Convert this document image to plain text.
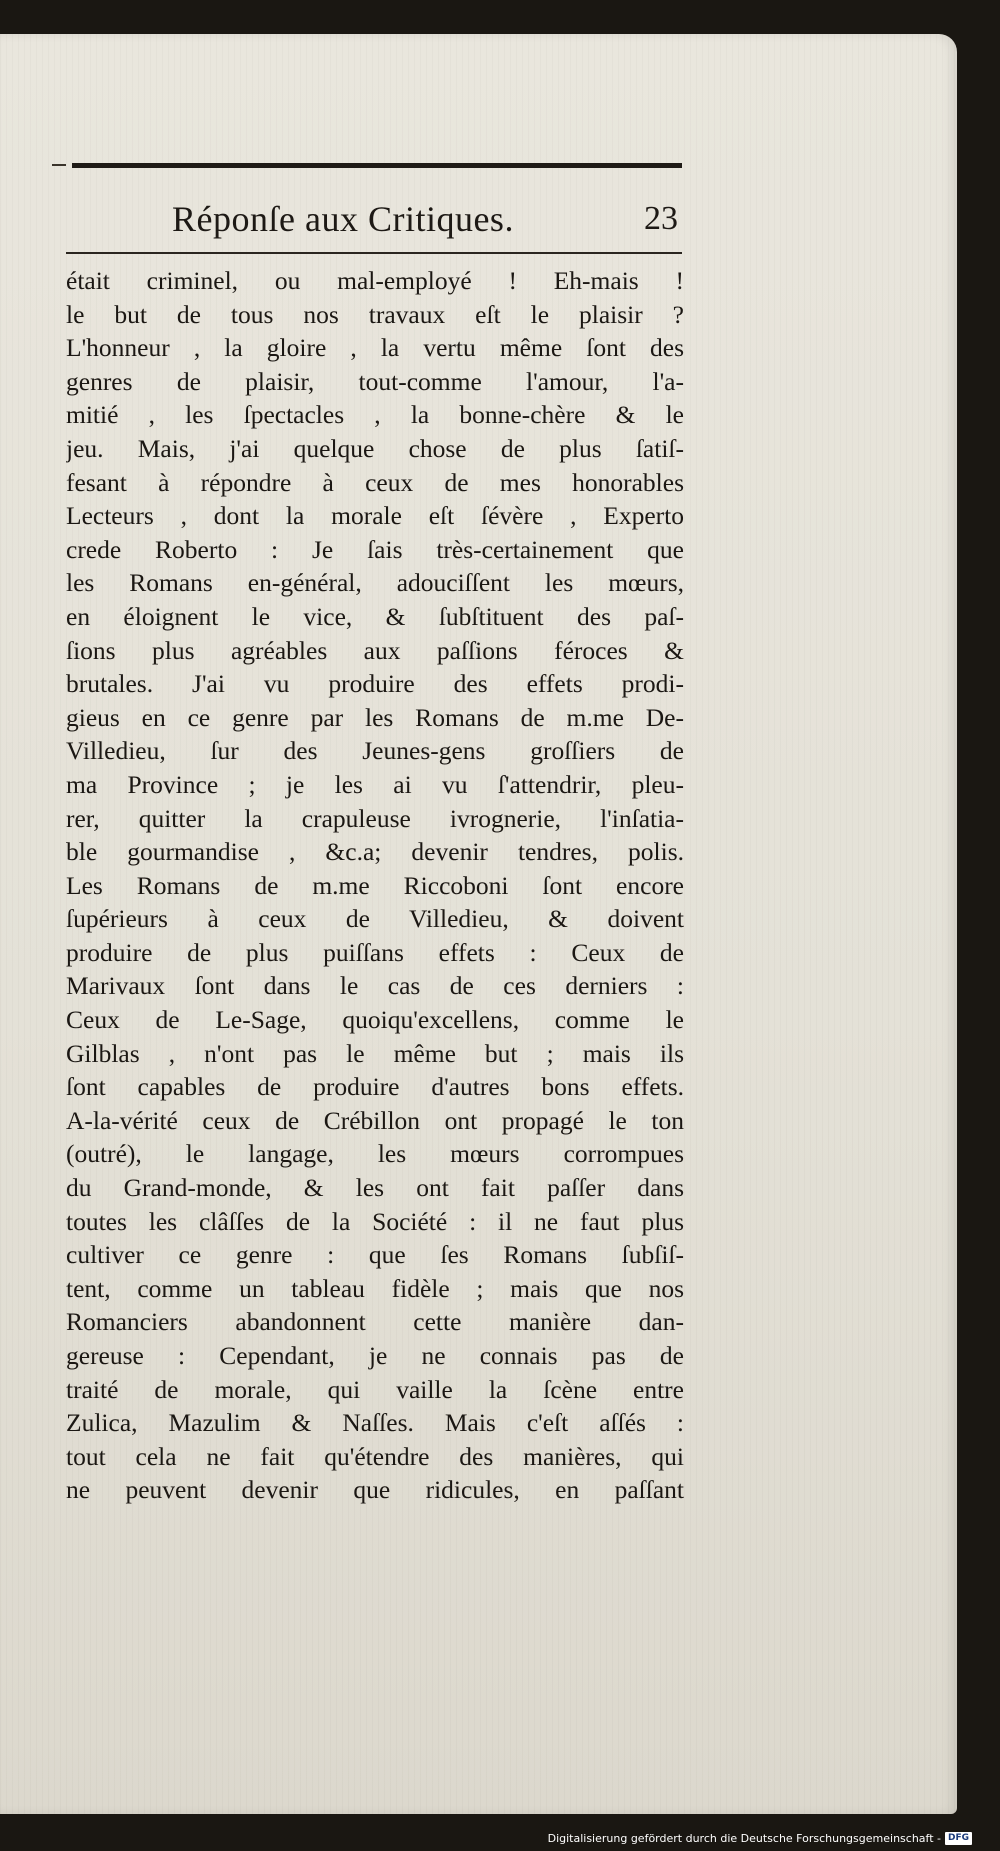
Réponſe aux Critiques.	23
était criminel, ou mal-employé ! Eh-mais !
le but de tous nos travaux eſt le plaisir ?
L'honneur , la gloire , la vertu même ſont des
genres de plaisir, tout-comme l'amour, l'a-
mitié , les ſpectacles , la bonne-chère & le
jeu. Mais, j'ai quelque chose de plus ſatiſ-
fesant à répondre à ceux de mes honorables
Lecteurs , dont la morale eſt ſévère , Experto
crede Roberto : Je ſais très-certainement que
les Romans en-général, adouciſſent les mœurs,
en éloignent le vice, & ſubſtituent des paſ-
ſions plus agréables aux paſſions féroces &
brutales. J'ai vu produire des effets prodi-
gieus en ce genre par les Romans de m.me De-
Villedieu, ſur des Jeunes-gens groſſiers de
ma Province ; je les ai vu ſ'attendrir, pleu-
rer, quitter la crapuleuse ivrognerie, l'inſatia-
ble gourmandise , &c.a; devenir tendres, polis.
Les Romans de m.me Riccoboni ſont encore
ſupérieurs à ceux de Villedieu, & doivent
produire de plus puiſſans effets : Ceux de
Marivaux ſont dans le cas de ces derniers :
Ceux de Le-Sage, quoiqu'excellens, comme le
Gilblas , n'ont pas le même but ; mais ils
ſont capables de produire d'autres bons effets.
A-la-vérité ceux de Crébillon ont propagé le ton
(outré), le langage, les mœurs corrompues
du Grand-monde, & les ont fait paſſer dans
toutes les clâſſes de la Société : il ne faut plus
cultiver ce genre : que ſes Romans ſubſiſ-
tent, comme un tableau fidèle ; mais que nos
Romanciers abandonnent cette manière dan-
gereuse : Cependant, je ne connais pas de
traité de morale, qui vaille la ſcène entre
Zulica, Mazulim & Naſſes. Mais c'eſt aſſés :
tout cela ne fait qu'étendre des manières, qui
ne peuvent devenir que ridicules, en paſſant
Digitalisierung gefördert durch die Deutsche Forschungsgemeinschaft - DFG
